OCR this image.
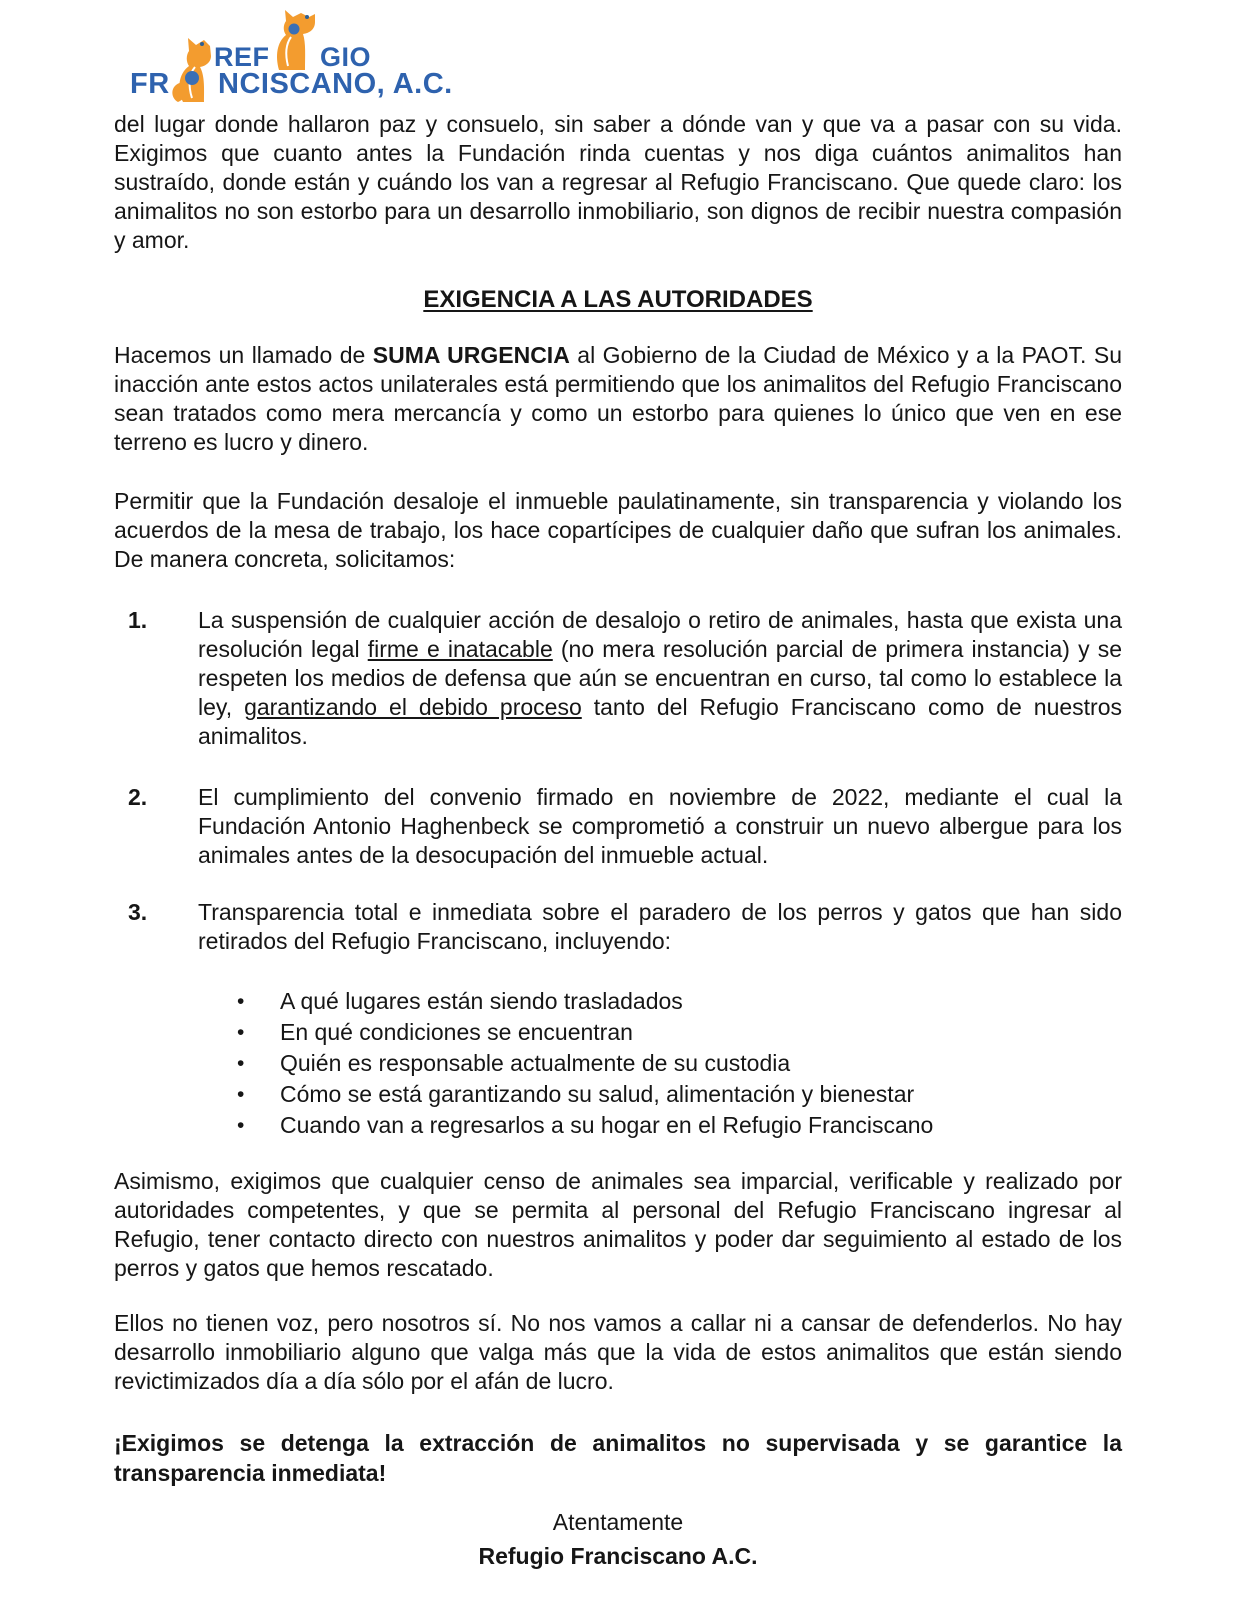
REF GIO
FR NCISCANO, A.C.

del lugar donde hallaron paz y consuelo, sin saber a dónde van y que va a pasar con su vida. Exigimos que cuanto antes la Fundación rinda cuentas y nos diga cuántos animalitos han sustraído, donde están y cuándo los van a regresar al Refugio Franciscano. Que quede claro: los animalitos no son estorbo para un desarrollo inmobiliario, son dignos de recibir nuestra compasión y amor.

EXIGENCIA A LAS AUTORIDADES

Hacemos un llamado de SUMA URGENCIA al Gobierno de la Ciudad de México y a la PAOT. Su inacción ante estos actos unilaterales está permitiendo que los animalitos del Refugio Franciscano sean tratados como mera mercancía y como un estorbo para quienes lo único que ven en ese terreno es lucro y dinero.

Permitir que la Fundación desaloje el inmueble paulatinamente, sin transparencia y violando los acuerdos de la mesa de trabajo, los hace copartícipes de cualquier daño que sufran los animales. De manera concreta, solicitamos:

1.	La suspensión de cualquier acción de desalojo o retiro de animales, hasta que exista una resolución legal firme e inatacable (no mera resolución parcial de primera instancia) y se respeten los medios de defensa que aún se encuentran en curso, tal como lo establece la ley, garantizando el debido proceso tanto del Refugio Franciscano como de nuestros animalitos.
2.	El cumplimiento del convenio firmado en noviembre de 2022, mediante el cual la Fundación Antonio Haghenbeck se comprometió a construir un nuevo albergue para los animales antes de la desocupación del inmueble actual.
3.	Transparencia total e inmediata sobre el paradero de los perros y gatos que han sido retirados del Refugio Franciscano, incluyendo:
•	A qué lugares están siendo trasladados
•	En qué condiciones se encuentran
•	Quién es responsable actualmente de su custodia
•	Cómo se está garantizando su salud, alimentación y bienestar
•	Cuando van a regresarlos a su hogar en el Refugio Franciscano

Asimismo, exigimos que cualquier censo de animales sea imparcial, verificable y realizado por autoridades competentes, y que se permita al personal del Refugio Franciscano ingresar al Refugio, tener contacto directo con nuestros animalitos y poder dar seguimiento al estado de los perros y gatos que hemos rescatado.

Ellos no tienen voz, pero nosotros sí. No nos vamos a callar ni a cansar de defenderlos. No hay desarrollo inmobiliario alguno que valga más que la vida de estos animalitos que están siendo revictimizados día a día sólo por el afán de lucro.

¡Exigimos se detenga la extracción de animalitos no supervisada y se garantice la transparencia inmediata!

Atentamente

Refugio Franciscano A.C.
